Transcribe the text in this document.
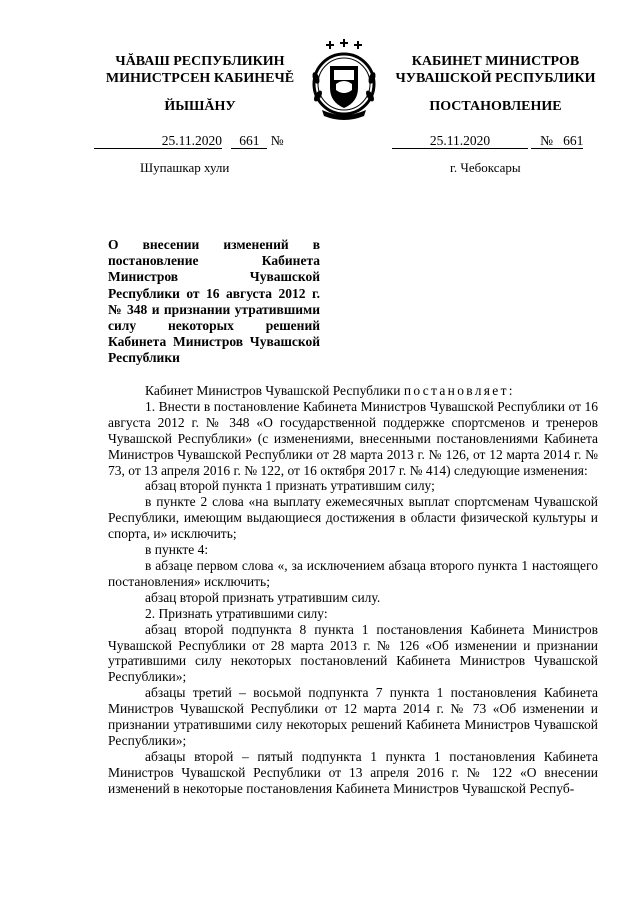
ЧĂВАШ РЕСПУБЛИКИН
МИНИСТРСЕН КАБИНЕЧĚ
ЙЫШĂНУ
КАБИНЕТ МИНИСТРОВ
ЧУВАШСКОЙ РЕСПУБЛИКИ
ПОСТАНОВЛЕНИЕ
25.11.2020 661 №	25.11.2020	№ 661
Шупашкар хули	г. Чебоксары
О внесении изменений в постановление Кабинета Министров Чувашской Республики от 16 августа 2012 г. № 348 и признании утратившими силу некоторых решений Кабинета Министров Чувашской Республики

Кабинет Министров Чувашской Республики постановляет:

1. Внести в постановление Кабинета Министров Чувашской Республики от 16 августа 2012 г. № 348 «О государственной поддержке спортсменов и тренеров Чувашской Республики» (с изменениями, внесенными постановлениями Кабинета Министров Чувашской Республики от 28 марта 2013 г. № 126, от 12 марта 2014 г. № 73, от 13 апреля 2016 г. № 122, от 16 октября 2017 г. № 414) следующие изменения:

абзац второй пункта 1 признать утратившим силу;

в пункте 2 слова «на выплату ежемесячных выплат спортсменам Чувашской Республики, имеющим выдающиеся достижения в области физической культуры и спорта, и» исключить;

в пункте 4:

в абзаце первом слова «, за исключением абзаца второго пункта 1 настоящего постановления» исключить;

абзац второй признать утратившим силу.

2. Признать утратившими силу:

абзац второй подпункта 8 пункта 1 постановления Кабинета Министров Чувашской Республики от 28 марта 2013 г. № 126 «Об изменении и признании утратившими силу некоторых постановлений Кабинета Министров Чувашской Республики»;

абзацы третий – восьмой подпункта 7 пункта 1 постановления Кабинета Министров Чувашской Республики от 12 марта 2014 г. № 73 «Об изменении и признании утратившими силу некоторых решений Кабинета Министров Чувашской Республики»;

абзацы второй – пятый подпункта 1 пункта 1 постановления Кабинета Министров Чувашской Республики от 13 апреля 2016 г. № 122 «О внесении изменений в некоторые постановления Кабинета Министров Чувашской Респуб-
